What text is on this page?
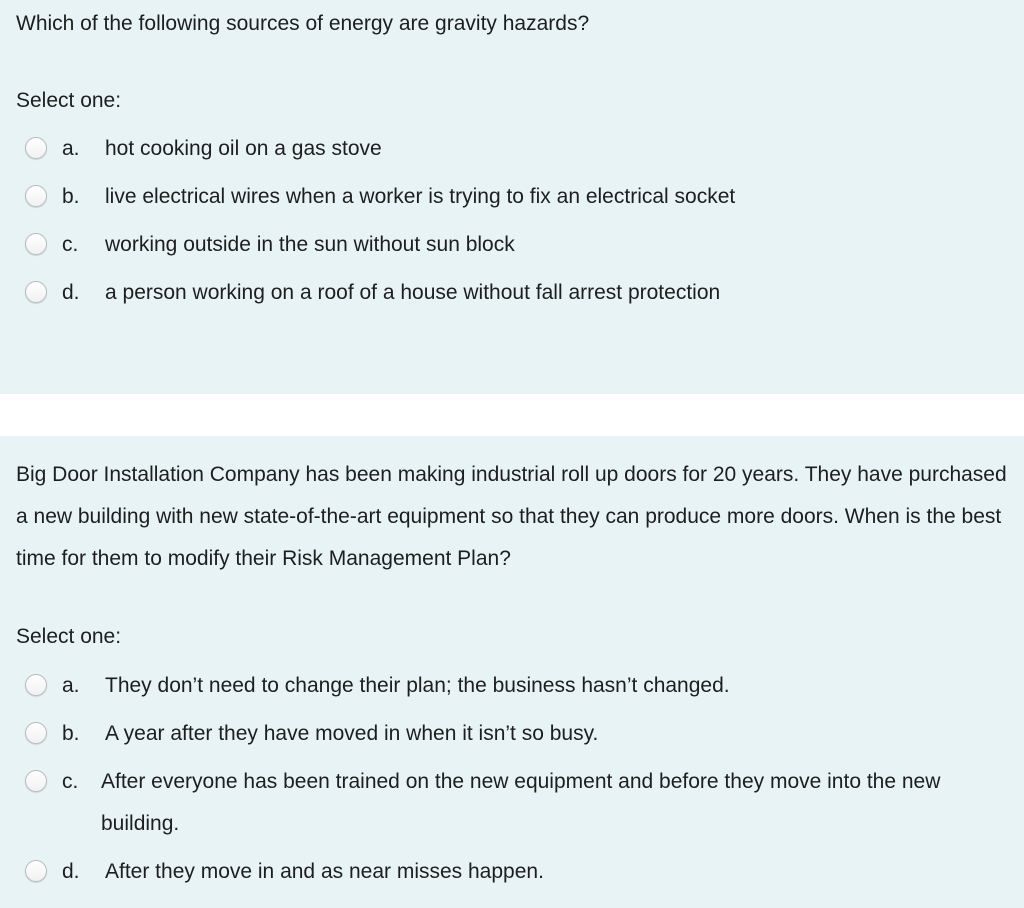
Which of the following sources of energy are gravity hazards?
Select one:
a. hot cooking oil on a gas stove
b. live electrical wires when a worker is trying to fix an electrical socket
c. working outside in the sun without sun block
d. a person working on a roof of a house without fall arrest protection
Big Door Installation Company has been making industrial roll up doors for 20 years. They have purchased a new building with new state-of-the-art equipment so that they can produce more doors. When is the best time for them to modify their Risk Management Plan?
Select one:
a. They don’t need to change their plan; the business hasn’t changed.
b. A year after they have moved in when it isn’t so busy.
c. After everyone has been trained on the new equipment and before they move into the new building.
d. After they move in and as near misses happen.
